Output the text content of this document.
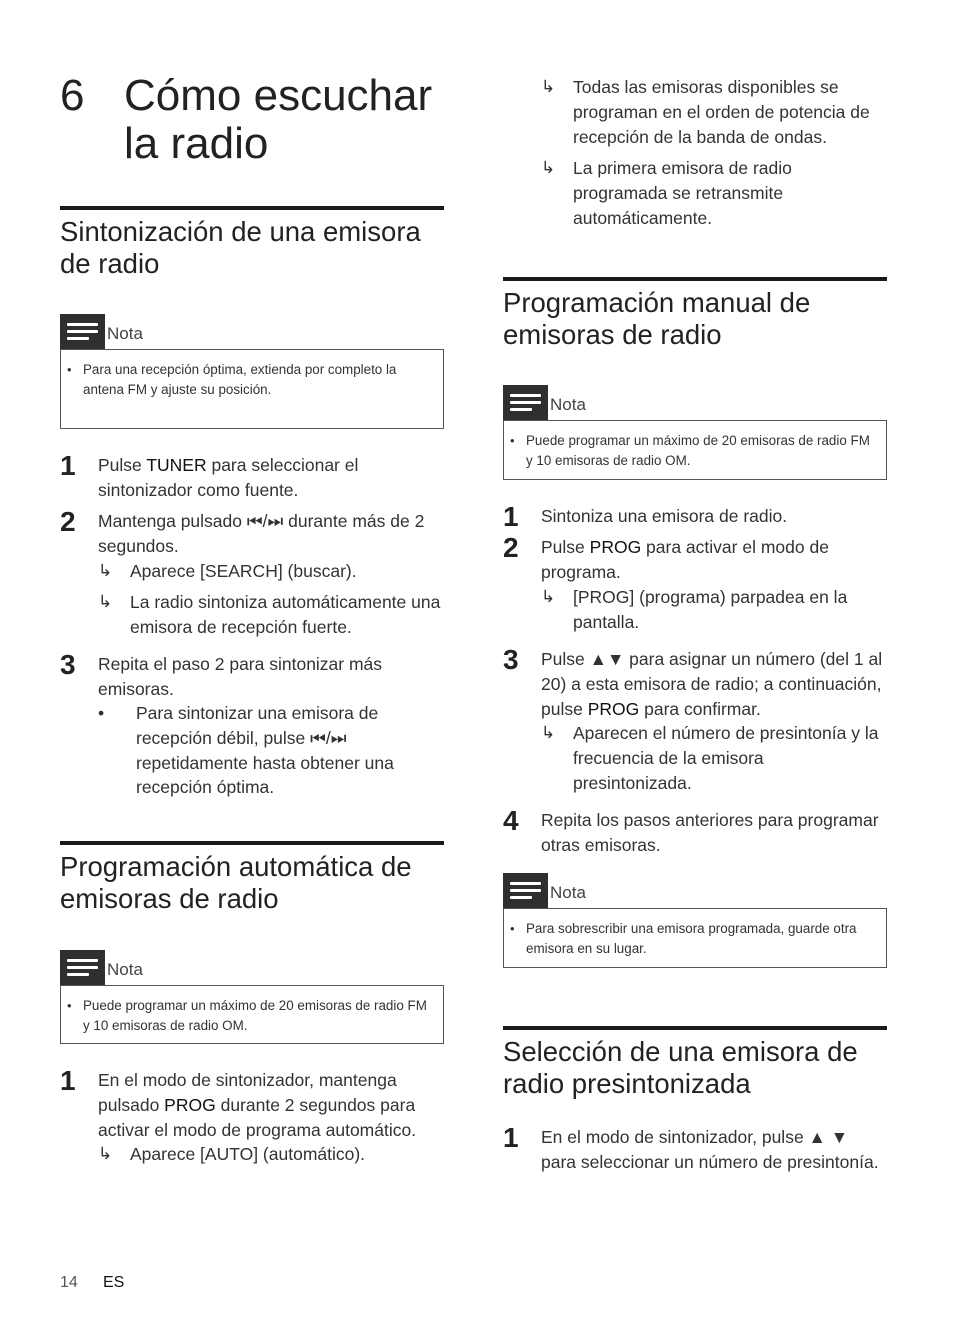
6 Cómo escuchar la radio
Sintonización de una emisora de radio
Nota
• Para una recepción óptima, extienda por completo la antena FM y ajuste su posición.
1 Pulse TUNER para seleccionar el sintonizador como fuente.
2 Mantenga pulsado ⏮/⏭ durante más de 2 segundos.
↳ Aparece [SEARCH] (buscar).
↳ La radio sintoniza automáticamente una emisora de recepción fuerte.
3 Repita el paso 2 para sintonizar más emisoras.
• Para sintonizar una emisora de recepción débil, pulse ⏮/⏭ repetidamente hasta obtener una recepción óptima.
Programación automática de emisoras de radio
Nota
• Puede programar un máximo de 20 emisoras de radio FM y 10 emisoras de radio OM.
1 En el modo de sintonizador, mantenga pulsado PROG durante 2 segundos para activar el modo de programa automático.
↳ Aparece [AUTO] (automático).
↳ Todas las emisoras disponibles se programan en el orden de potencia de recepción de la banda de ondas.
↳ La primera emisora de radio programada se retransmite automáticamente.
Programación manual de emisoras de radio
Nota
• Puede programar un máximo de 20 emisoras de radio FM y 10 emisoras de radio OM.
1 Sintoniza una emisora de radio.
2 Pulse PROG para activar el modo de programa.
↳ [PROG] (programa) parpadea en la pantalla.
3 Pulse ▲▼ para asignar un número (del 1 al 20) a esta emisora de radio; a continuación, pulse PROG para confirmar.
↳ Aparecen el número de presintonía y la frecuencia de la emisora presintonizada.
4 Repita los pasos anteriores para programar otras emisoras.
Nota
• Para sobrescribir una emisora programada, guarde otra emisora en su lugar.
Selección de una emisora de radio presintonizada
1 En el modo de sintonizador, pulse ▲ ▼ para seleccionar un número de presintonía.
14 ES
